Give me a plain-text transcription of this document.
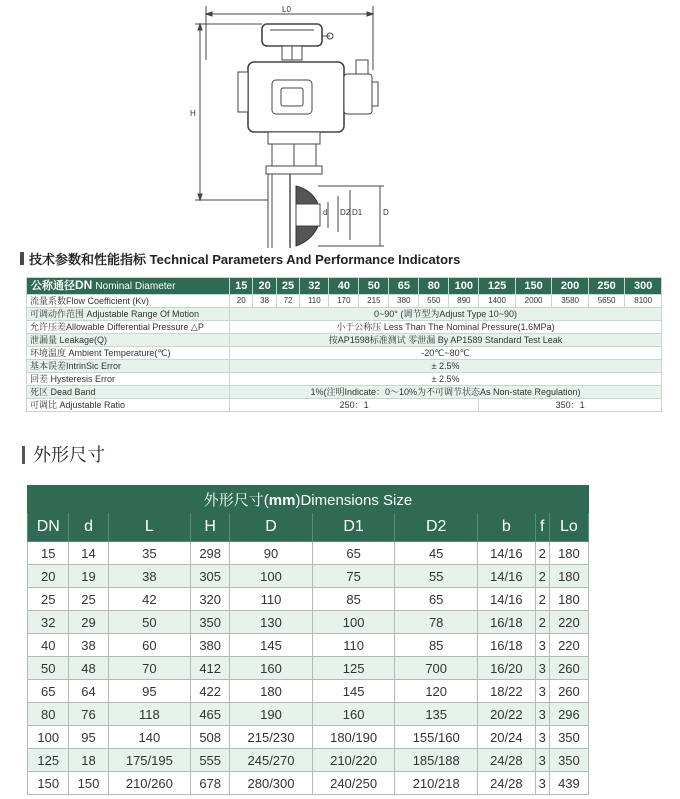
L0
H
d D2 D1	D
技术参数和性能指标 Technical Parameters And Performance Indicators
公称通径DN Nominal Diameter	15	20	25	32	40	50	65	80	100	125	150	200	250	300
流量系数Flow Coefficient (Kv)	20	38	72	110	170	215	380	550	890	1400	2000	3580	5650	8100
可调动作范围 Adjustable Range Of Motion	0~90° (调节型为Adjust Type 10~90)													
允许压差Allowable Differential Pressure △P	小于公称压 Less Than The Nominal Pressure(1.6MPa)													
泄漏量 Leakage(Q)	按AP1598标准测试 零泄漏 By AP1589 Standard Test Leak													
环境温度 Ambient Temperature(℃)	-20℃~80℃													
基本误差IntrinSic Error	± 2.5%													
回差 Hysteresis Error	± 2.5%													
死区 Dead Band	1%(注明Indicate：0～10%为不可调节状态As Non-state Regulation)													
可调比 Adjustable Ratio	250：1									350：1				
外形尺寸
外形尺寸(mm)Dimensions Size									
DN	d	L	H	D	D1	D2	b	f	Lo
15	14	35	298	90	65	45	14/16	2	180
20	19	38	305	100	75	55	14/16	2	180
25	25	42	320	110	85	65	14/16	2	180
32	29	50	350	130	100	78	16/18	2	220
40	38	60	380	145	110	85	16/18	3	220
50	48	70	412	160	125	700	16/20	3	260
65	64	95	422	180	145	120	18/22	3	260
80	76	118	465	190	160	135	20/22	3	296
100	95	140	508	215/230	180/190	155/160	20/24	3	350
125	18	175/195	555	245/270	210/220	185/188	24/28	3	350
150	150	210/260	678	280/300	240/250	210/218	24/28	3	439
